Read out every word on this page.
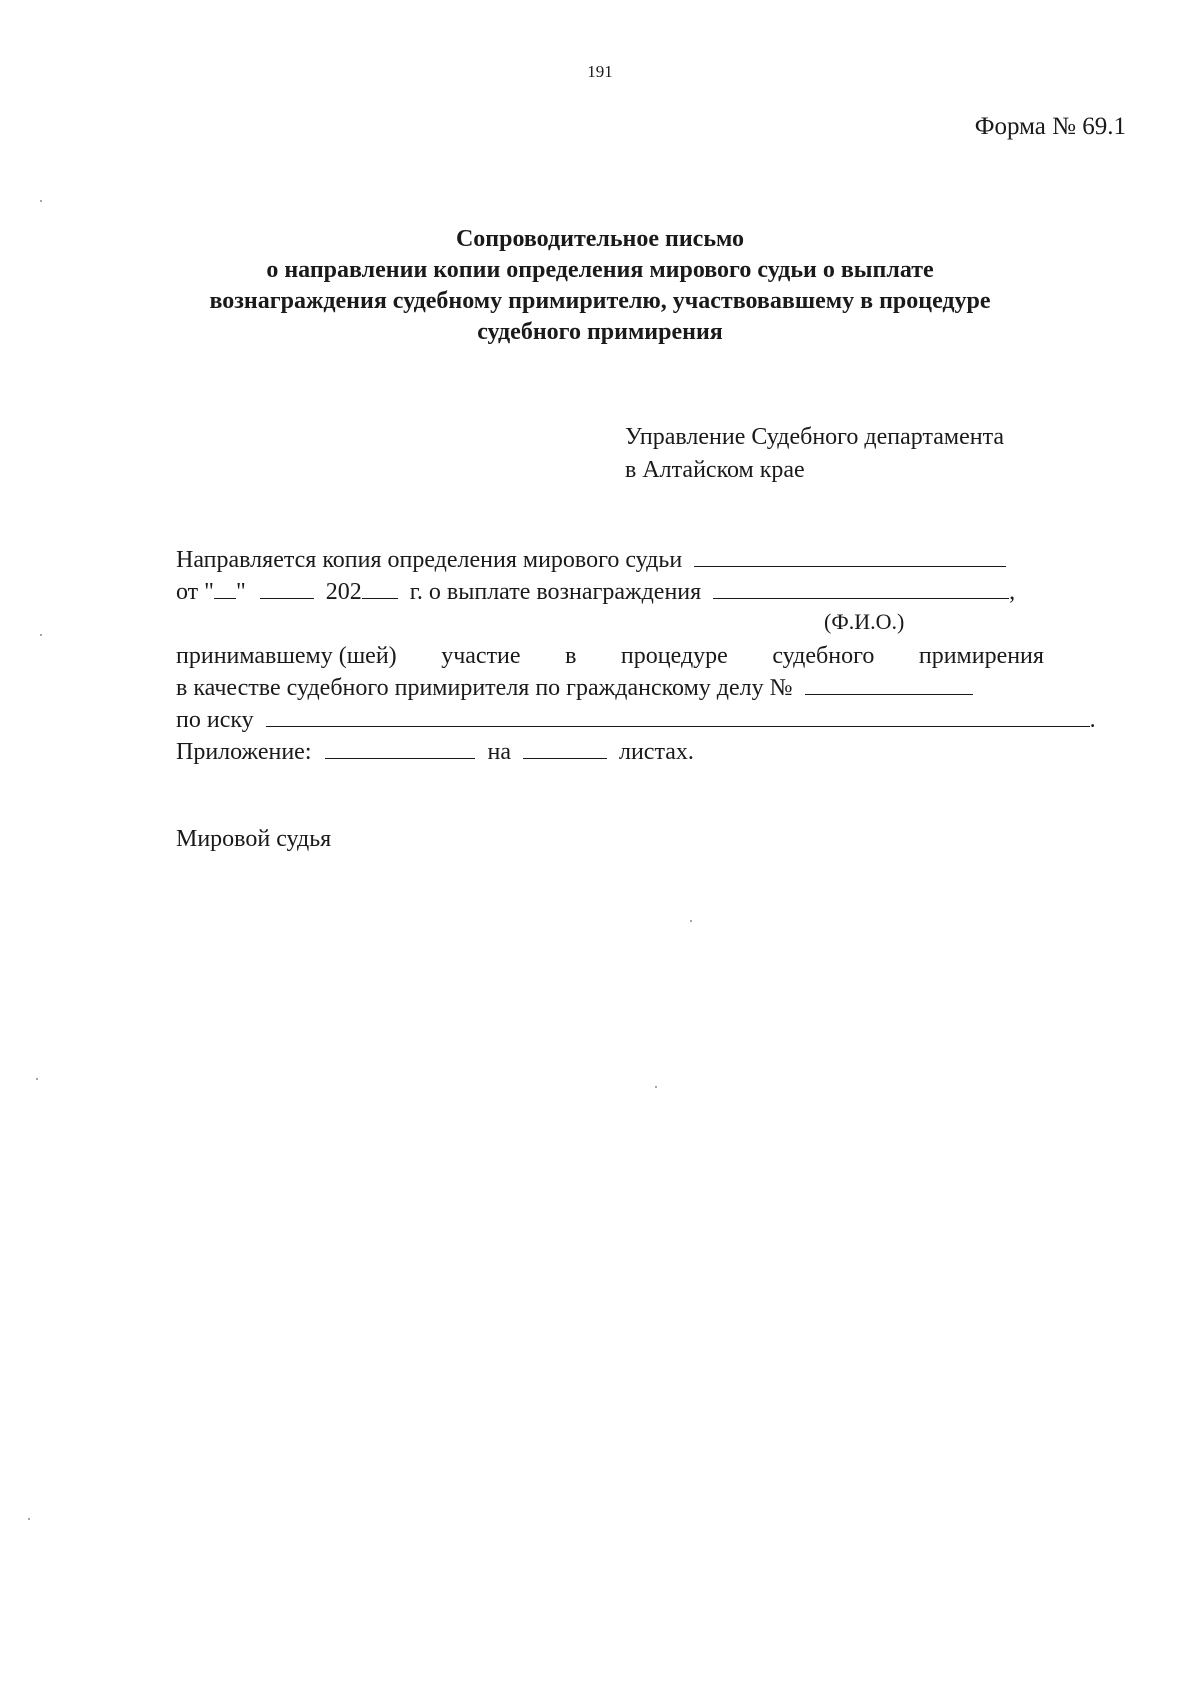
191
Форма № 69.1
Сопроводительное письмо
о направлении копии определения мирового судьи о выплате
вознаграждения судебному примирителю, участвовавшему в процедуре
судебного примирения
Управление Судебного департамента
в Алтайском крае
Направляется копия определения мирового судьи
от " "	202 г. о выплате вознаграждения	,
(Ф.И.О.)
принимавшему (шей) участие в процедуре судебного примирения
в качестве судебного примирителя по гражданскому делу №
по иску	.
Приложение:	на	листах.
Мировой судья
